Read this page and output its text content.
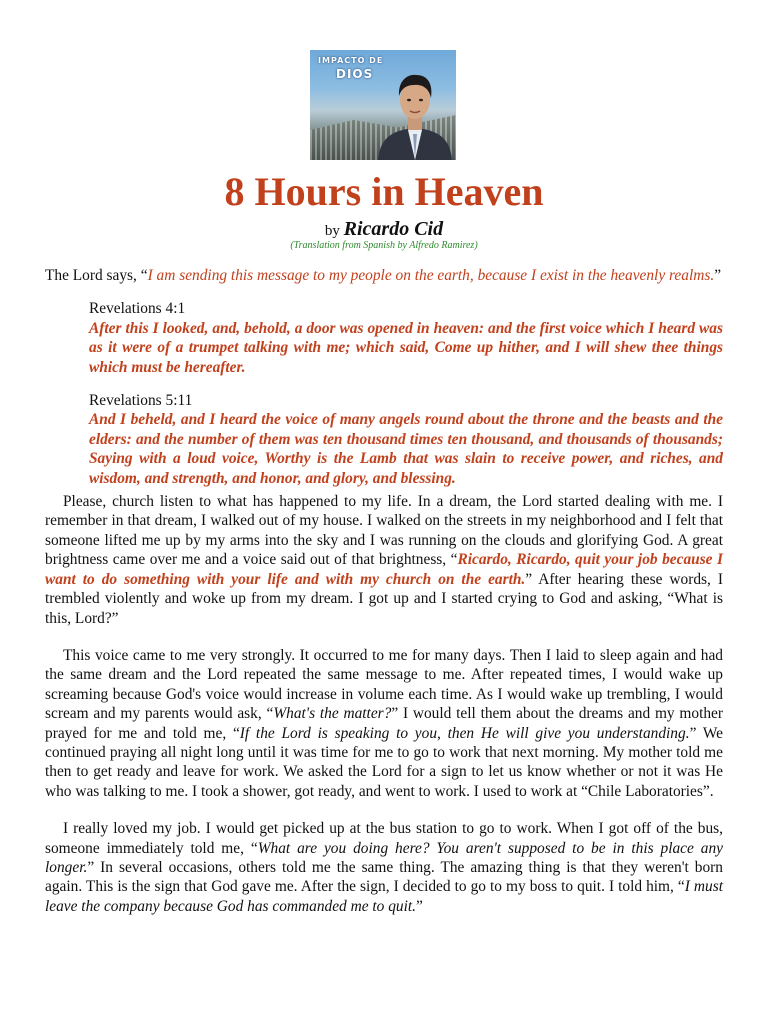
IMPACTO DE
DIOS
8 Hours in Heaven
by Ricardo Cid
(Translation from Spanish by Alfredo Ramirez)

The Lord says, “I am sending this message to my people on the earth, because I exist in the heavenly realms.”

Revelations 4:1

After this I looked, and, behold, a door was opened in heaven: and the first voice which I heard was as it were of a trumpet talking with me; which said, Come up hither, and I will shew thee things which must be hereafter.

Revelations 5:11

And I beheld, and I heard the voice of many angels round about the throne and the beasts and the elders: and the number of them was ten thousand times ten thousand, and thousands of thousands; Saying with a loud voice, Worthy is the Lamb that was slain to receive power, and riches, and wisdom, and strength, and honor, and glory, and blessing.

Please, church listen to what has happened to my life. In a dream, the Lord started dealing with me. I remember in that dream, I walked out of my house. I walked on the streets in my neighborhood and I felt that someone lifted me up by my arms into the sky and I was running on the clouds and glorifying God. A great brightness came over me and a voice said out of that brightness, “Ricardo, Ricardo, quit your job because I want to do something with your life and with my church on the earth.” After hearing these words, I trembled violently and woke up from my dream. I got up and I started crying to God and asking, “What is this, Lord?”

This voice came to me very strongly. It occurred to me for many days. Then I laid to sleep again and had the same dream and the Lord repeated the same message to me. After repeated times, I would wake up screaming because God's voice would increase in volume each time. As I would wake up trembling, I would scream and my parents would ask, “What's the matter?” I would tell them about the dreams and my mother prayed for me and told me, “If the Lord is speaking to you, then He will give you understanding.” We continued praying all night long until it was time for me to go to work that next morning. My mother told me then to get ready and leave for work. We asked the Lord for a sign to let us know whether or not it was He who was talking to me. I took a shower, got ready, and went to work. I used to work at “Chile Laboratories”.

I really loved my job. I would get picked up at the bus station to go to work. When I got off of the bus, someone immediately told me, “What are you doing here? You aren't supposed to be in this place any longer.” In several occasions, others told me the same thing. The amazing thing is that they weren't born again. This is the sign that God gave me. After the sign, I decided to go to my boss to quit. I told him, “I must leave the company because God has commanded me to quit.”
